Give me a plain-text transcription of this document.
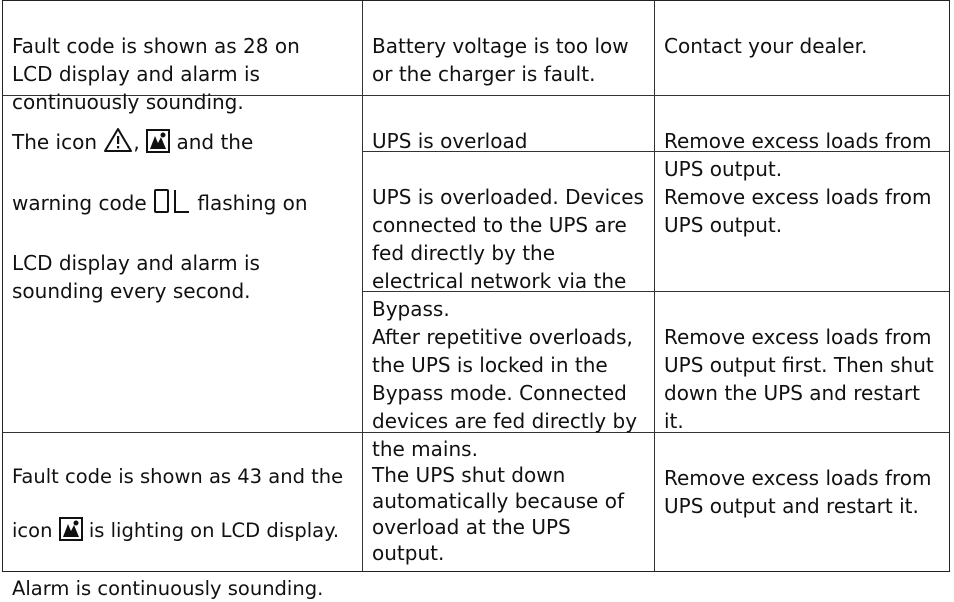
Fault code is shown as 28 on
LCD display and alarm is
continuously sounding.

Battery voltage is too low
or the charger is fault.

Contact your dealer.

The icon ,  and the

warning code  flashing on

LCD display and alarm is
sounding every second.

UPS is overload	Remove excess loads from
UPS output.

UPS is overloaded. Devices
connected to the UPS are
fed directly by the
electrical network via the
Bypass.

Remove excess loads from
UPS output.

After repetitive overloads,
the UPS is locked in the
Bypass mode. Connected
devices are fed directly by
the mains.

Remove excess loads from
UPS output first. Then shut
down the UPS and restart
it.

Fault code is shown as 43 and the

icon  is lighting on LCD display.

Alarm is continuously sounding.

The UPS shut down
automatically because of
overload at the UPS output.

Remove excess loads from
UPS output and restart it.
